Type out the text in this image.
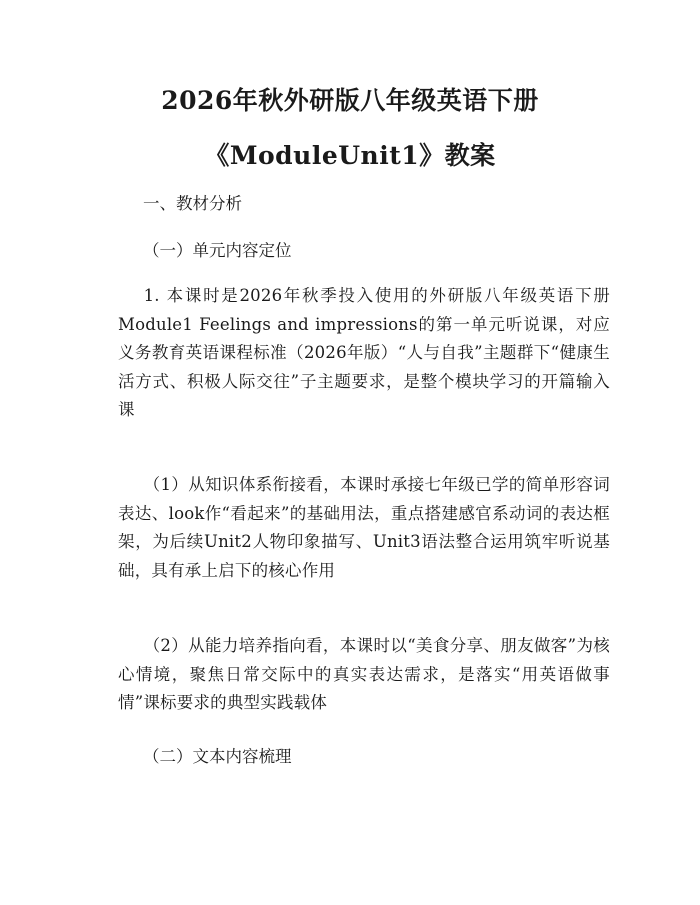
2026年秋外研版八年级英语下册
《ModuleUnit1》教案
一、教材分析
（一）单元内容定位
1. 本课时是2026年秋季投入使用的外研版八年级英语下册Module1 Feelings and impressions的第一单元听说课，对应义务教育英语课程标准（2026年版）“人与自我”主题群下“健康生活方式、积极人际交往”子主题要求，是整个模块学习的开篇输入课
（1）从知识体系衔接看，本课时承接七年级已学的简单形容词表达、look作“看起来”的基础用法，重点搭建感官系动词的表达框架，为后续Unit2人物印象描写、Unit3语法整合运用筑牢听说基础，具有承上启下的核心作用
（2）从能力培养指向看，本课时以“美食分享、朋友做客”为核心情境，聚焦日常交际中的真实表达需求，是落实“用英语做事情”课标要求的典型实践载体
（二）文本内容梳理
